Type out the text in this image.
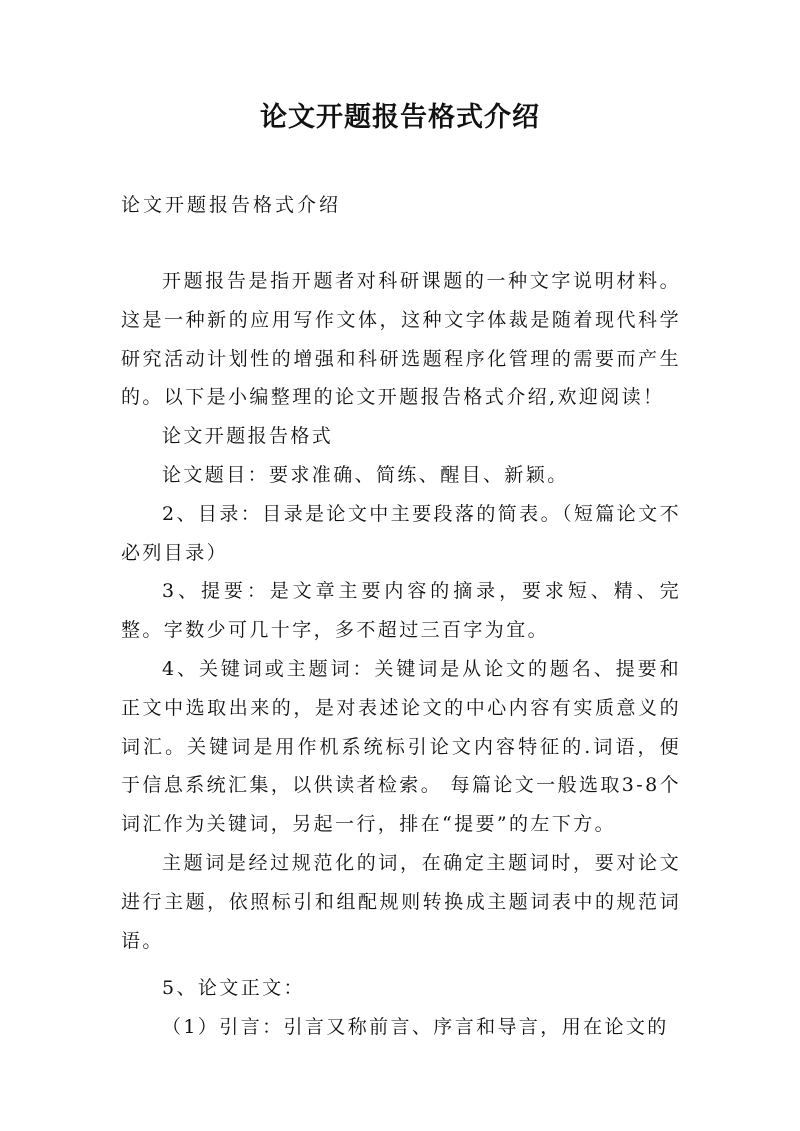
论文开题报告格式介绍

论文开题报告格式介绍

开题报告是指开题者对科研课题的一种文字说明材料。这是一种新的应用写作文体，这种文字体裁是随着现代科学研究活动计划性的增强和科研选题程序化管理的需要而产生的。以下是小编整理的论文开题报告格式介绍,欢迎阅读！

论文开题报告格式

论文题目：要求准确、简练、醒目、新颖。

2、目录：目录是论文中主要段落的简表。（短篇论文不必列目录）

3、提要：是文章主要内容的摘录，要求短、精、完整。字数少可几十字，多不超过三百字为宜。

4、关键词或主题词：关键词是从论文的题名、提要和正文中选取出来的，是对表述论文的中心内容有实质意义的词汇。关键词是用作机系统标引论文内容特征的.词语，便于信息系统汇集，以供读者检索。 每篇论文一般选取3-8个词汇作为关键词，另起一行，排在“提要”的左下方。

主题词是经过规范化的词，在确定主题词时，要对论文进行主题，依照标引和组配规则转换成主题词表中的规范词语。

5、论文正文：

（1）引言：引言又称前言、序言和导言，用在论文的
